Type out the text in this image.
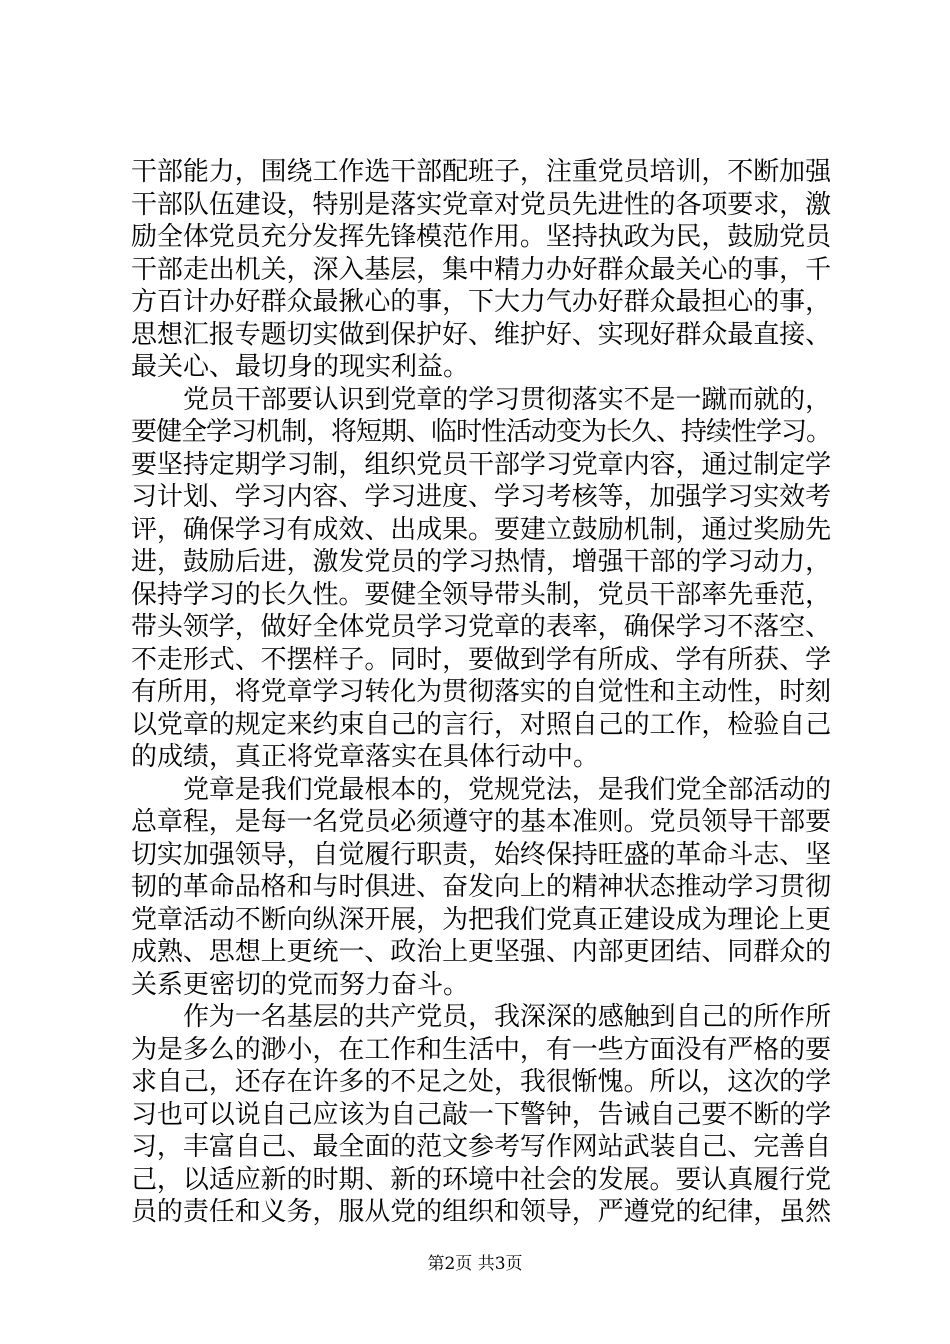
干部能力，围绕工作选干部配班子，注重党员培训，不断加强
干部队伍建设，特别是落实党章对党员先进性的各项要求，激
励全体党员充分发挥先锋模范作用。坚持执政为民，鼓励党员
干部走出机关，深入基层，集中精力办好群众最关心的事，千
方百计办好群众最揪心的事，下大力气办好群众最担心的事，
思想汇报专题切实做到保护好、维护好、实现好群众最直接、
最关心、最切身的现实利益。
党员干部要认识到党章的学习贯彻落实不是一蹴而就的，
要健全学习机制，将短期、临时性活动变为长久、持续性学习。
要坚持定期学习制，组织党员干部学习党章内容，通过制定学
习计划、学习内容、学习进度、学习考核等，加强学习实效考
评，确保学习有成效、出成果。要建立鼓励机制，通过奖励先
进，鼓励后进，激发党员的学习热情，增强干部的学习动力，
保持学习的长久性。要健全领导带头制，党员干部率先垂范，
带头领学，做好全体党员学习党章的表率，确保学习不落空、
不走形式、不摆样子。同时，要做到学有所成、学有所获、学
有所用，将党章学习转化为贯彻落实的自觉性和主动性，时刻
以党章的规定来约束自己的言行，对照自己的工作，检验自己
的成绩，真正将党章落实在具体行动中。
党章是我们党最根本的，党规党法，是我们党全部活动的
总章程，是每一名党员必须遵守的基本准则。党员领导干部要
切实加强领导，自觉履行职责，始终保持旺盛的革命斗志、坚
韧的革命品格和与时俱进、奋发向上的精神状态推动学习贯彻
党章活动不断向纵深开展，为把我们党真正建设成为理论上更
成熟、思想上更统一、政治上更坚强、内部更团结、同群众的
关系更密切的党而努力奋斗。
作为一名基层的共产党员，我深深的感触到自己的所作所
为是多么的渺小，在工作和生活中，有一些方面没有严格的要
求自己，还存在许多的不足之处，我很惭愧。所以，这次的学
习也可以说自己应该为自己敲一下警钟，告诫自己要不断的学
习，丰富自己、最全面的范文参考写作网站武装自己、完善自
己，以适应新的时期、新的环境中社会的发展。要认真履行党
员的责任和义务，服从党的组织和领导，严遵党的纪律，虽然
第2页 共3页
